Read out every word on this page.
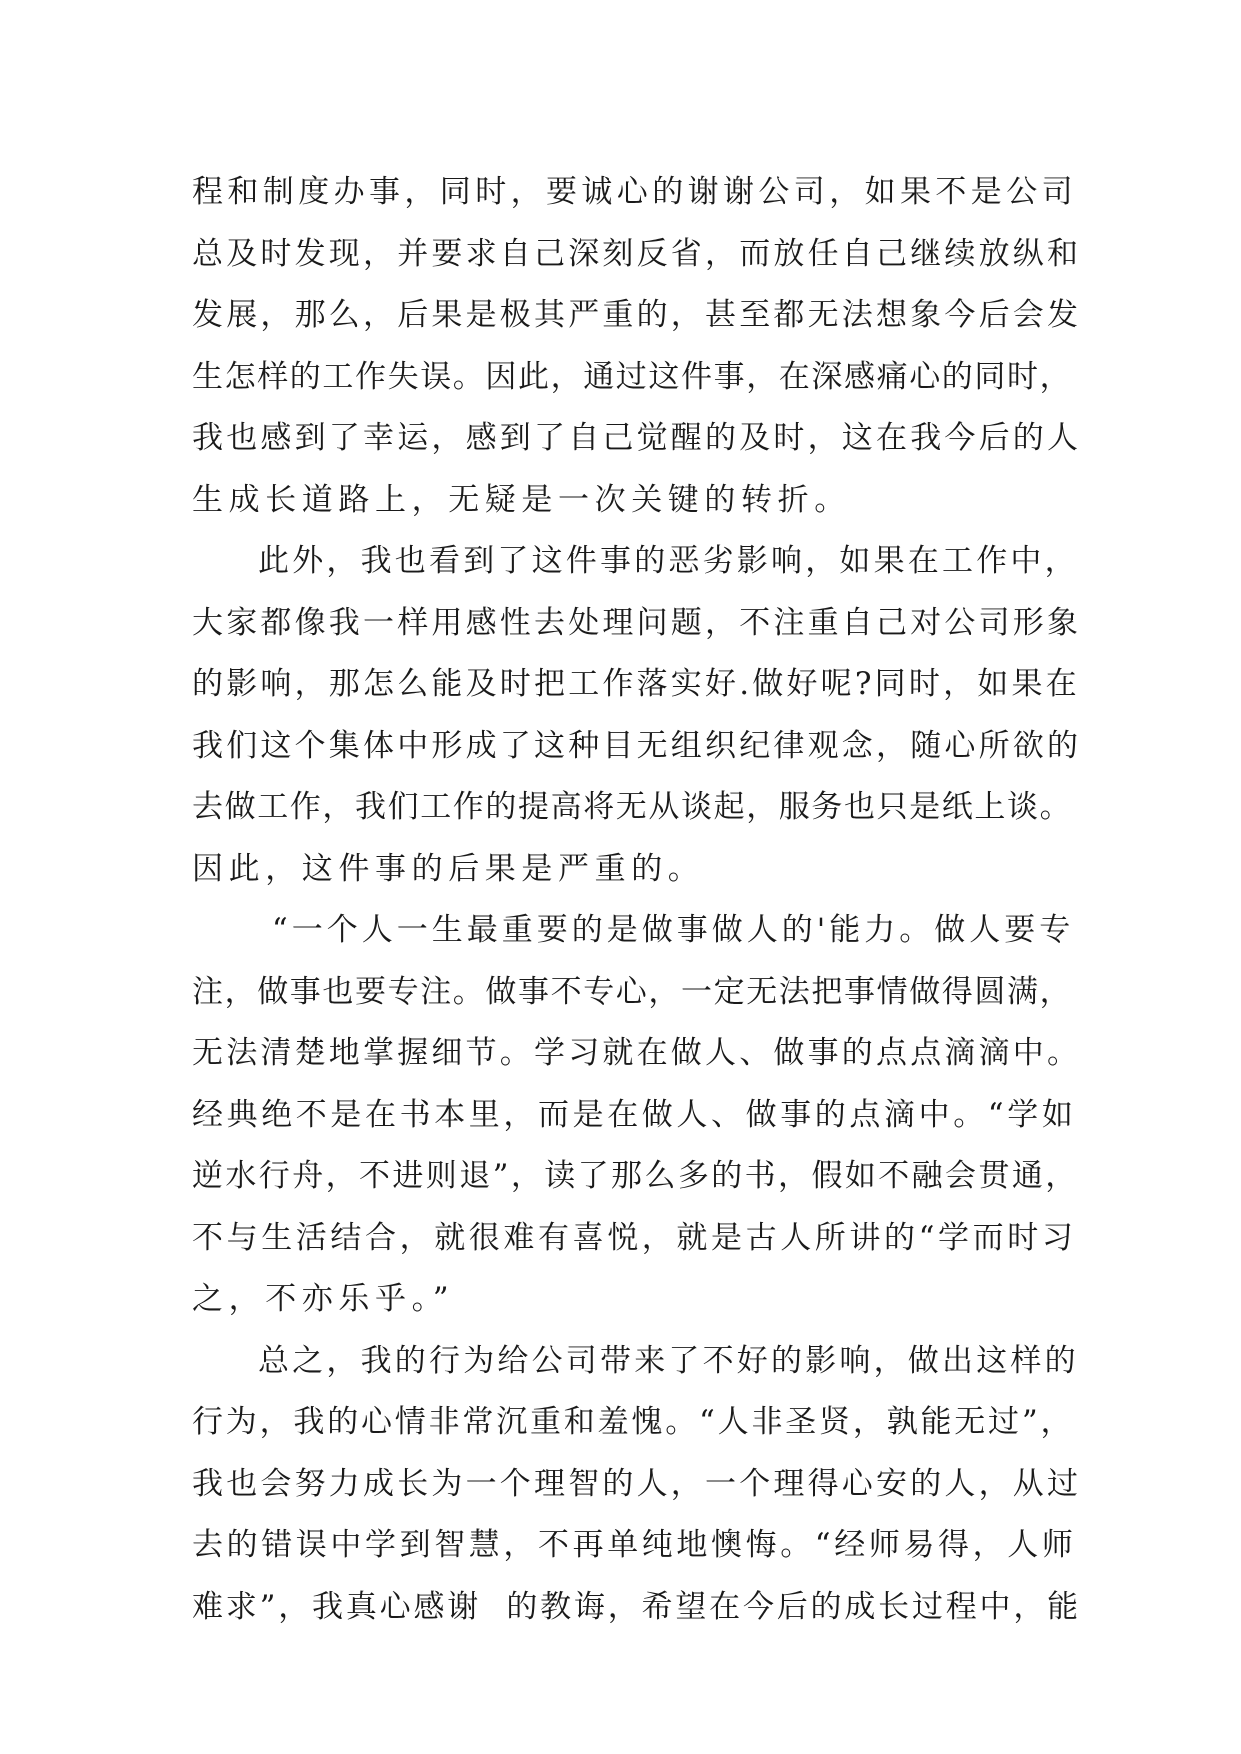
程和制度办事，同时，要诚心的谢谢公司，如果不是公司
总及时发现，并要求自己深刻反省，而放任自己继续放纵和
发展，那么，后果是极其严重的，甚至都无法想象今后会发
生怎样的工作失误。因此，通过这件事，在深感痛心的同时，
我也感到了幸运，感到了自己觉醒的及时，这在我今后的人
生成长道路上，无疑是一次关键的转折。
此外，我也看到了这件事的恶劣影响，如果在工作中，
大家都像我一样用感性去处理问题，不注重自己对公司形象
的影响，那怎么能及时把工作落实好.做好呢?同时，如果在
我们这个集体中形成了这种目无组织纪律观念，随心所欲的
去做工作，我们工作的提高将无从谈起，服务也只是纸上谈。
因此，这件事的后果是严重的。
“一个人一生最重要的是做事做人的'能力。做人要专
注，做事也要专注。做事不专心，一定无法把事情做得圆满，
无法清楚地掌握细节。学习就在做人、做事的点点滴滴中。
经典绝不是在书本里，而是在做人、做事的点滴中。“学如
逆水行舟，不进则退”，读了那么多的书，假如不融会贯通，
不与生活结合，就很难有喜悦，就是古人所讲的“学而时习
之，不亦乐乎。”
总之，我的行为给公司带来了不好的影响，做出这样的
行为，我的心情非常沉重和羞愧。“人非圣贤，孰能无过”，
我也会努力成长为一个理智的人，一个理得心安的人，从过
去的错误中学到智慧，不再单纯地懊悔。“经师易得，人师
难求”，我真心感谢  的教诲，希望在今后的成长过程中，能
